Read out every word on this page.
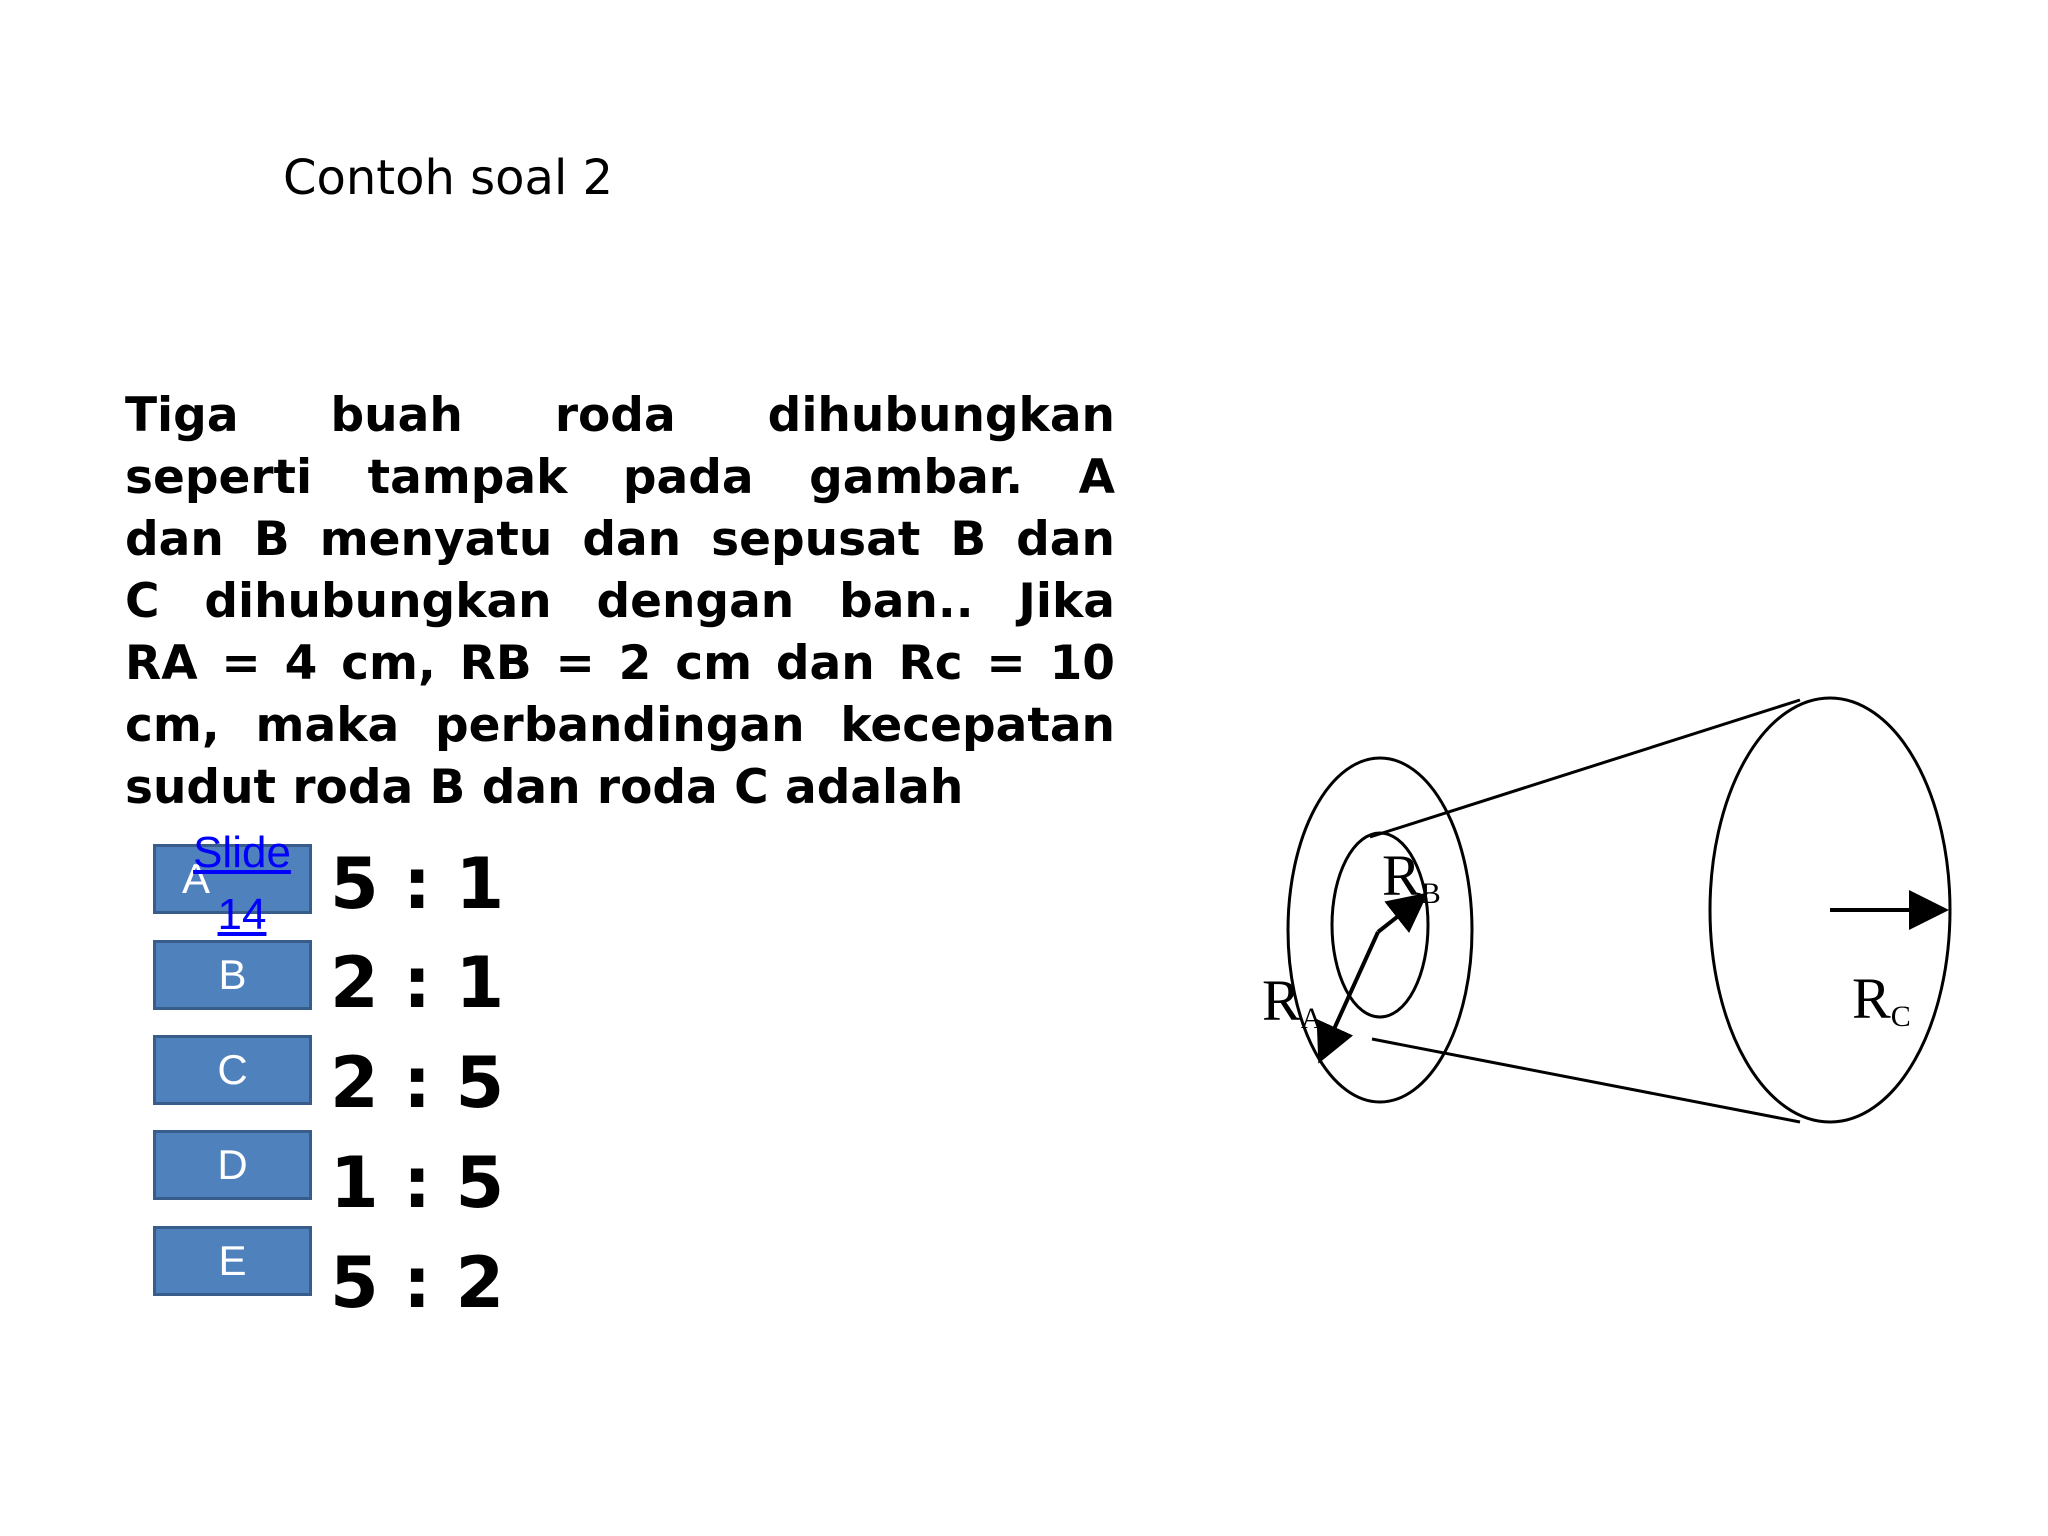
Contoh soal 2
Tiga buah roda dihubungkan
seperti tampak pada gambar. A
dan B menyatu dan sepusat B dan
C dihubungkan dengan ban.. Jika
RA = 4 cm, RB = 2 cm dan Rc = 10
cm, maka perbandingan kecepatan
sudut roda B dan roda C adalah
A
Slide 14 5 : 1
B 2 : 1
C 2 : 5
D 1 : 5
E 5 : 2
RA
RB
RC
